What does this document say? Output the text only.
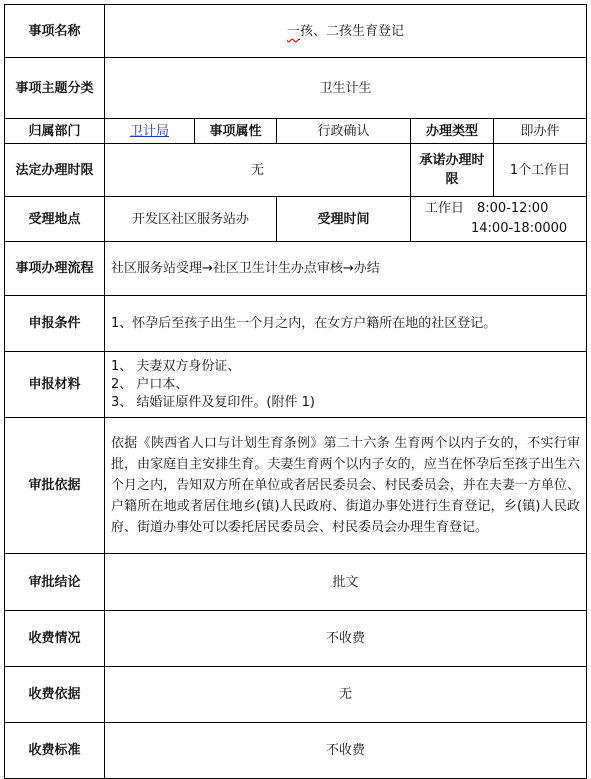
事项名称	一孩、二孩生育登记				
事项主题分类	卫生计生				
归属部门	卫计局	事项属性	行政确认	办理类型	即办件
法定办理时限	无			承诺办理时限	1个工作日
受理地点	开发区社区服务站办		受理时间	工作日　8:00-12:00
14:00-18:0000	

事项办理流程	社区服务站受理→社区卫生计生办点审核→办结				
申报条件	1、怀孕后至孩子出生一个月之内，在女方户籍所在地的社区登记。				
申报材料	1、 夫妻双方身份证、
2、 户口本、
3、 结婚证原件及复印件。(附件 1)				

审批依据	依据《陕西省人口与计划生育条例》第二十六条 生育两个以内子女的，不实行审批，由家庭自主安排生育。夫妻生育两个以内子女的，应当在怀孕后至孩子出生六个月之内，告知双方所在单位或者居民委员会、村民委员会，并在夫妻一方单位、户籍所在地或者居住地乡(镇)人民政府、街道办事处进行生育登记，乡(镇)人民政府、街道办事处可以委托居民委员会、村民委员会办理生育登记。				
审批结论	批文				
收费情况	不收费				
收费依据	无				
收费标准	不收费				
